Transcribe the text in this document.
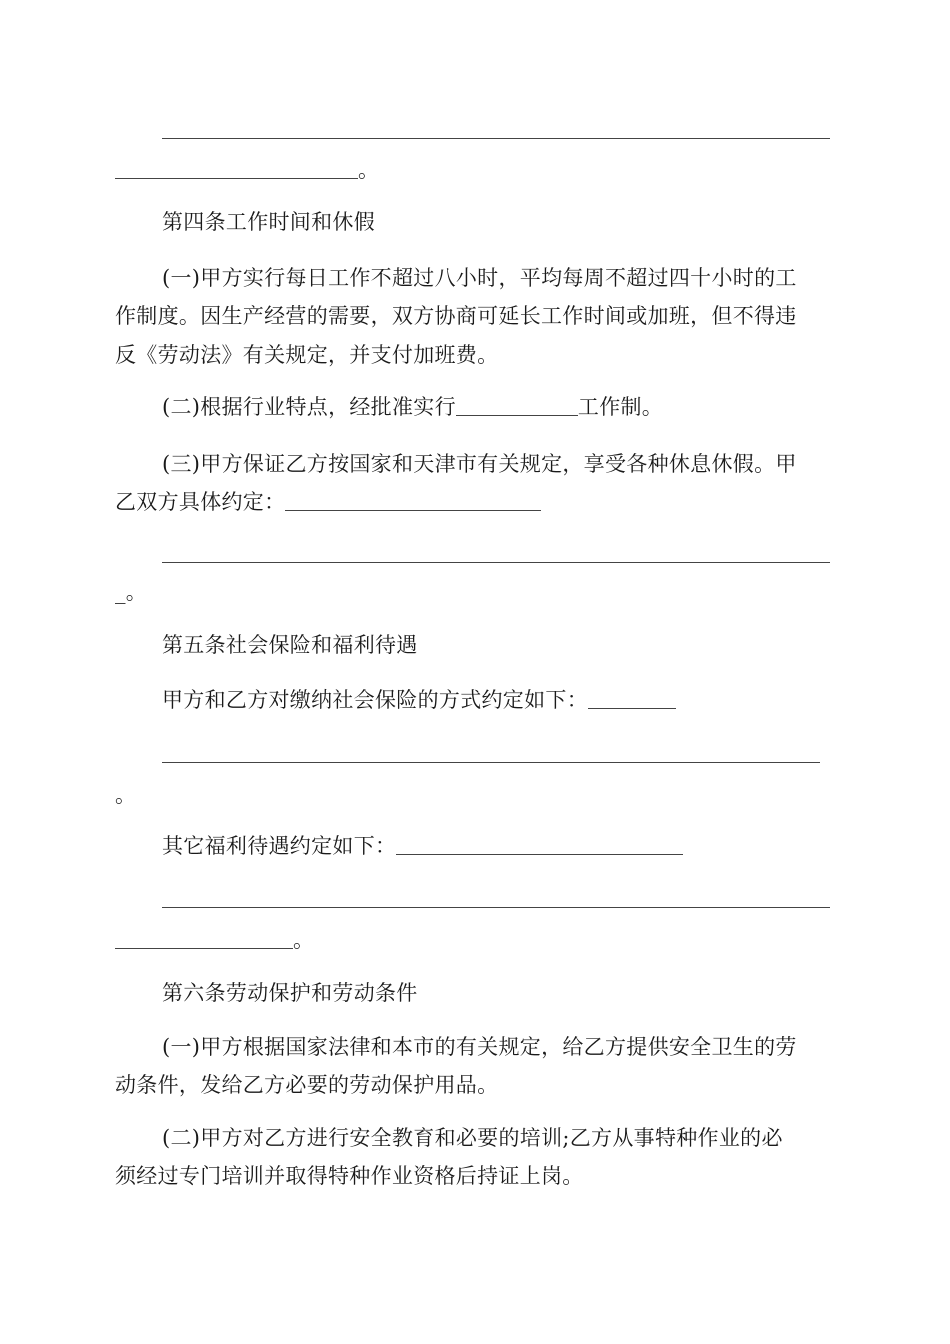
。
第四条工作时间和休假
(一)甲方实行每日工作不超过八小时，平均每周不超过四十小时的工
作制度。因生产经营的需要，双方协商可延长工作时间或加班，但不得违
反《劳动法》有关规定，并支付加班费。
(二)根据行业特点，经批准实行	工作制。
(三)甲方保证乙方按国家和天津市有关规定，享受各种休息休假。甲
乙双方具体约定：
_。
第五条社会保险和福利待遇
甲方和乙方对缴纳社会保险的方式约定如下：
。
其它福利待遇约定如下：
。
第六条劳动保护和劳动条件
(一)甲方根据国家法律和本市的有关规定，给乙方提供安全卫生的劳
动条件，发给乙方必要的劳动保护用品。
(二)甲方对乙方进行安全教育和必要的培训;乙方从事特种作业的必
须经过专门培训并取得特种作业资格后持证上岗。
